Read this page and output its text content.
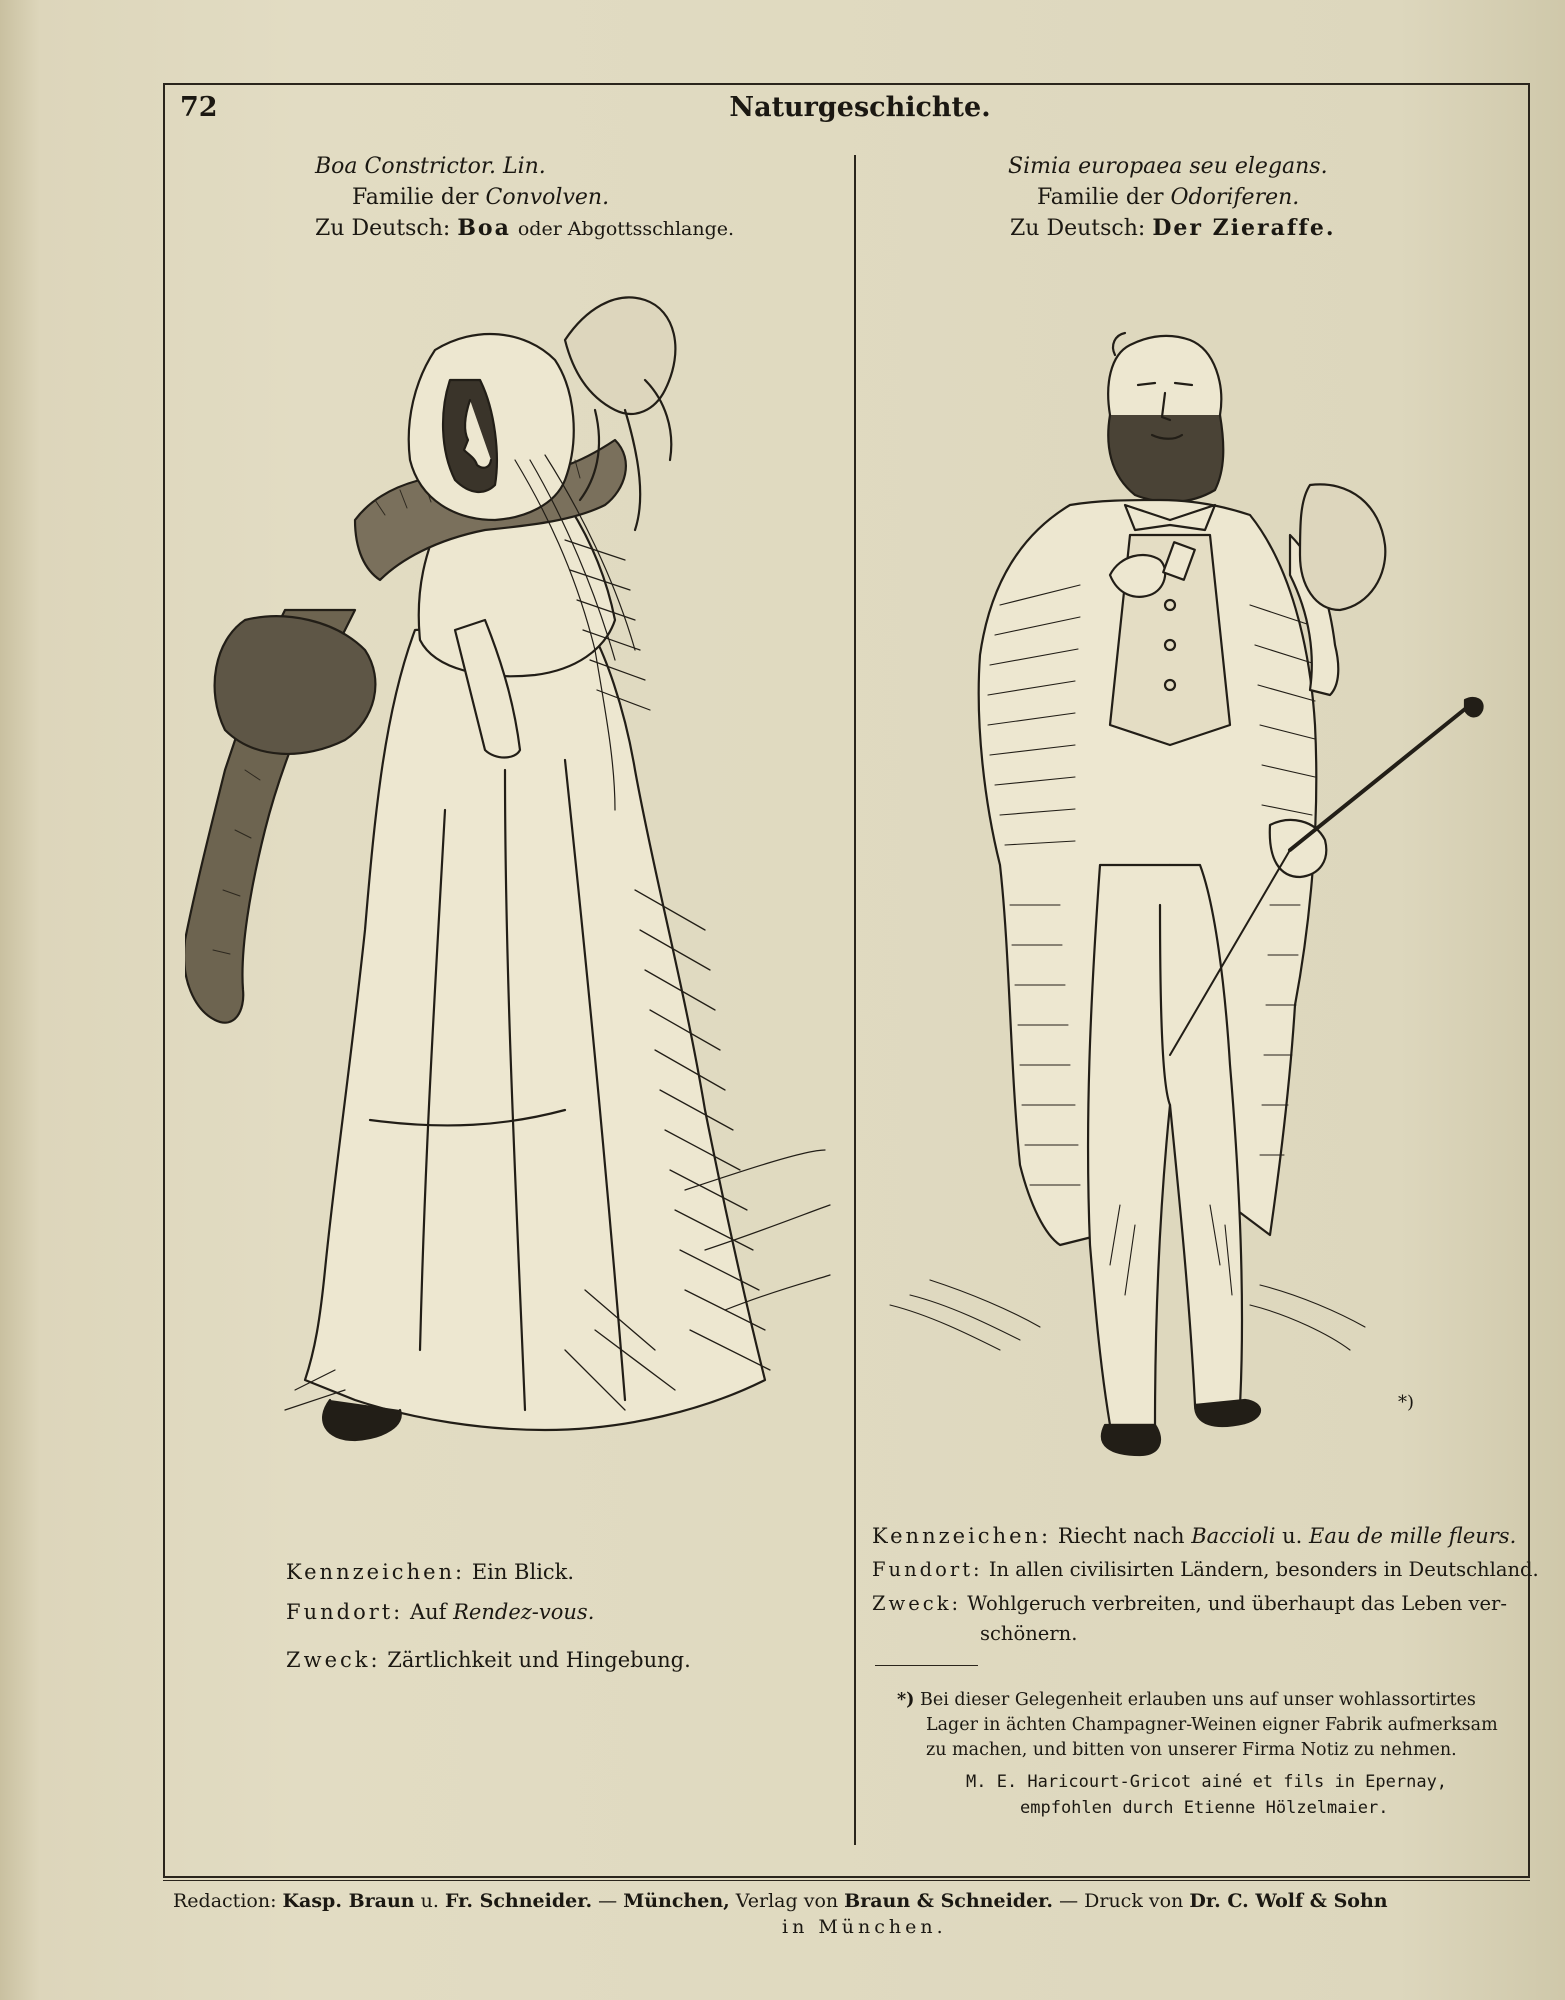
72	Naturgeschichte.
Boa Constrictor. Lin.
Familie der Convolven.
Zu Deutsch: Boa oder Abgottsschlange.
Simia europaea seu elegans.
Familie der Odoriferen.
Zu Deutsch: Der Zieraffe.
*)
Kennzeichen: Ein Blick.
Fundort: Auf Rendez-vous.
Zweck: Zärtlichkeit und Hingebung.
Kennzeichen: Riecht nach Baccioli u. Eau de mille fleurs.
Fundort: In allen civilisirten Ländern, besonders in Deutschland.
Zweck: Wohlgeruch verbreiten, und überhaupt das Leben ver-
schönern.
*) Bei dieser Gelegenheit erlauben uns auf unser wohlassortirtes
Lager in ächten Champagner-Weinen eigner Fabrik aufmerksam
zu machen, und bitten von unserer Firma Notiz zu nehmen.
M. E. Haricourt-Gricot ainé et fils in Epernay,
empfohlen durch Etienne Hölzelmaier.
Redaction: Kasp. Braun u. Fr. Schneider. — München, Verlag von Braun & Schneider. — Druck von Dr. C. Wolf & Sohn
in München.
